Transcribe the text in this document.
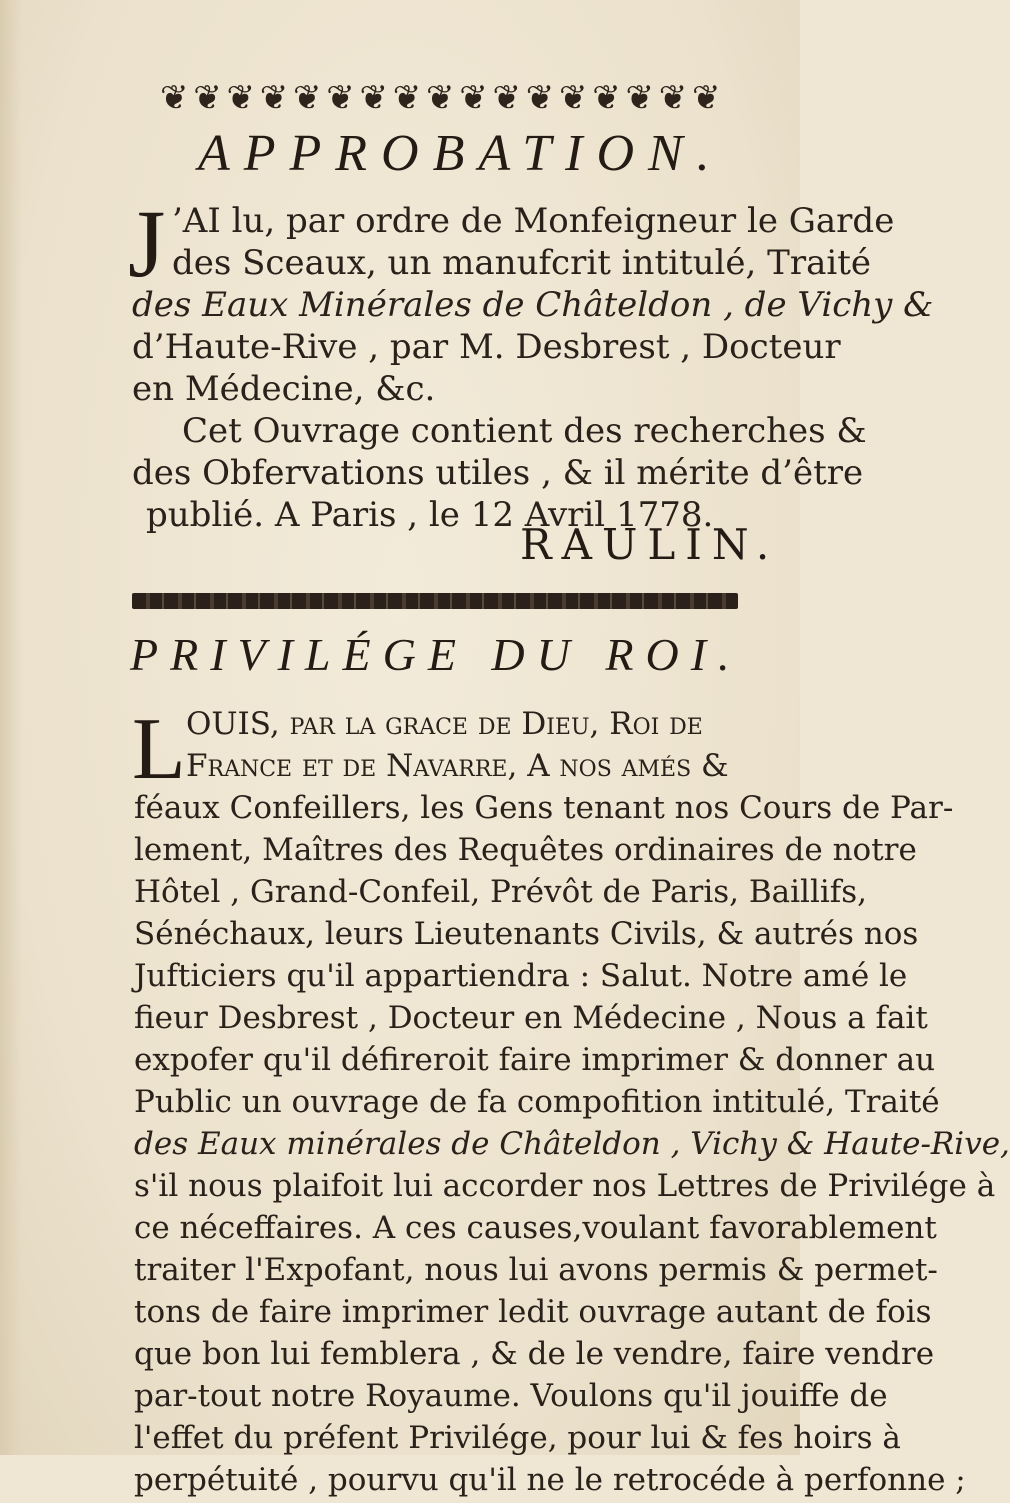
❦ ❦ ❦ ❦ ❦ ❦ ❦ ❦ ❦ ❦ ❦ ❦ ❦ ❦ ❦ ❦ ❦
APPROBATION.
J ’AI lu, par ordre de Monfeigneur le Garde
des Sceaux, un manufcrit intitulé, Traité
des Eaux Minérales de Châteldon , de Vichy &
d’Haute-Rive , par M. Desbrest , Docteur
en Médecine, &c.
Cet Ouvrage contient des recherches &
des Obfervations utiles , & il mérite d’être
publié. A Paris , le 12 Avril 1778.
RAULIN.
PRIVILÉGE DU ROI.
L OUIS, par la grace de Dieu, Roi de
France et de Navarre, A nos amés &
féaux Confeillers, les Gens tenant nos Cours de Par-
lement, Maîtres des Requêtes ordinaires de notre
Hôtel , Grand-Confeil, Prévôt de Paris, Baillifs,
Sénéchaux, leurs Lieutenants Civils, & autrés nos
Jufticiers qu'il appartiendra : Salut. Notre amé le
fieur Desbrest , Docteur en Médecine , Nous a fait
expofer qu'il défireroit faire imprimer & donner au
Public un ouvrage de fa compofition intitulé, Traité
des Eaux minérales de Châteldon , Vichy & Haute-Rive,
s'il nous plaifoit lui accorder nos Lettres de Privilége à
ce néceffaires. A ces causes,voulant favorablement
traiter l'Expofant, nous lui avons permis & permet-
tons de faire imprimer ledit ouvrage autant de fois
que bon lui femblera , & de le vendre, faire vendre
par-tout notre Royaume. Voulons qu'il jouiffe de
l'effet du préfent Privilége, pour lui & fes hoirs à
perpétuité , pourvu qu'il ne le retrocéde à perfonne ;
